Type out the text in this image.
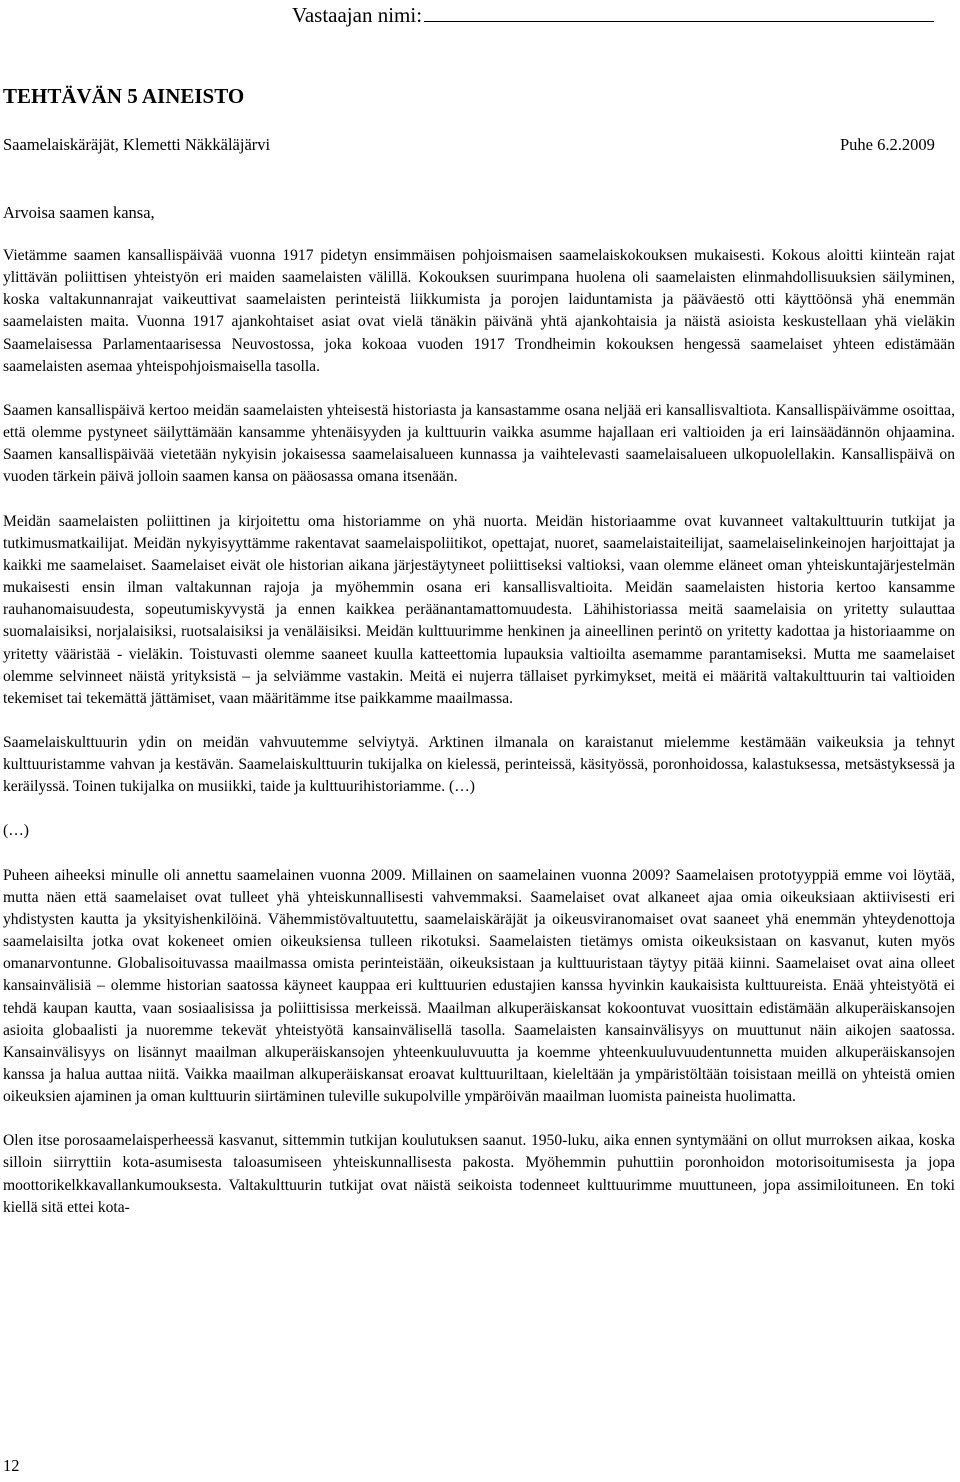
Vastaajan nimi:
TEHTÄVÄN 5 AINEISTO
Saamelaiskäräjät, Klemetti Näkkäläjärvi	Puhe 6.2.2009
Arvoisa saamen kansa,

Vietämme saamen kansallispäivää vuonna 1917 pidetyn ensimmäisen pohjoismaisen saamelaiskokouksen mukaisesti. Kokous aloitti kiinteän rajat ylittävän poliittisen yhteistyön eri maiden saamelaisten välillä. Kokouksen suurimpana huolena oli saamelaisten elinmahdollisuuksien säilyminen, koska valtakunnanrajat vaikeuttivat saamelaisten perinteistä liikkumista ja porojen laiduntamista ja pääväestö otti käyttöönsä yhä enemmän saamelaisten maita. Vuonna 1917 ajankohtaiset asiat ovat vielä tänäkin päivänä yhtä ajankohtaisia ja näistä asioista keskustellaan yhä vieläkin Saamelaisessa Parlamentaarisessa Neuvostossa, joka kokoaa vuoden 1917 Trondheimin kokouksen hengessä saamelaiset yhteen edistämään saamelaisten asemaa yhteispohjoismaisella tasolla.

Saamen kansallispäivä kertoo meidän saamelaisten yhteisestä historiasta ja kansastamme osana neljää eri kansallisvaltiota. Kansallispäivämme osoittaa, että olemme pystyneet säilyttämään kansamme yhtenäisyyden ja kulttuurin vaikka asumme hajallaan eri valtioiden ja eri lainsäädännön ohjaamina. Saamen kansallispäivää vietetään nykyisin jokaisessa saamelaisalueen kunnassa ja vaihtelevasti saamelaisalueen ulkopuolellakin. Kansallispäivä on vuoden tärkein päivä jolloin saamen kansa on pääosassa omana itsenään.

Meidän saamelaisten poliittinen ja kirjoitettu oma historiamme on yhä nuorta. Meidän historiaamme ovat kuvanneet valtakulttuurin tutkijat ja tutkimusmatkailijat. Meidän nykyisyyttämme rakentavat saamelaispoliitikot, opettajat, nuoret, saamelaistaiteilijat, saamelaiselinkeinojen harjoittajat ja kaikki me saamelaiset. Saamelaiset eivät ole historian aikana järjestäytyneet poliittiseksi valtioksi, vaan olemme eläneet oman yhteiskuntajärjestelmän mukaisesti ensin ilman valtakunnan rajoja ja myöhemmin osana eri kansallisvaltioita. Meidän saamelaisten historia kertoo kansamme rauhanomaisuudesta, sopeutumiskyvystä ja ennen kaikkea peräänantamattomuudesta. Lähihistoriassa meitä saamelaisia on yritetty sulauttaa suomalaisiksi, norjalaisiksi, ruotsalaisiksi ja venäläisiksi. Meidän kulttuurimme henkinen ja aineellinen perintö on yritetty kadottaa ja historiaamme on yritetty vääristää - vieläkin. Toistuvasti olemme saaneet kuulla katteettomia lupauksia valtioilta asemamme parantamiseksi. Mutta me saamelaiset olemme selvinneet näistä yrityksistä – ja selviämme vastakin. Meitä ei nujerra tällaiset pyrkimykset, meitä ei määritä valtakulttuurin tai valtioiden tekemiset tai tekemättä jättämiset, vaan määritämme itse paikkamme maailmassa.

Saamelaiskulttuurin ydin on meidän vahvuutemme selviytyä. Arktinen ilmanala on karaistanut mielemme kestämään vaikeuksia ja tehnyt kulttuuristamme vahvan ja kestävän. Saamelaiskulttuurin tukijalka on kielessä, perinteissä, käsityössä, poronhoidossa, kalastuksessa, metsästyksessä ja keräilyssä. Toinen tukijalka on musiikki, taide ja kulttuurihistoriamme. (…)

(…)

Puheen aiheeksi minulle oli annettu saamelainen vuonna 2009. Millainen on saamelainen vuonna 2009? Saamelaisen prototyyppiä emme voi löytää, mutta näen että saamelaiset ovat tulleet yhä yhteiskunnallisesti vahvemmaksi. Saamelaiset ovat alkaneet ajaa omia oikeuksiaan aktiivisesti eri yhdistysten kautta ja yksityishenkilöinä. Vähemmistövaltuutettu, saamelaiskäräjät ja oikeusviranomaiset ovat saaneet yhä enemmän yhteydenottoja saamelaisilta jotka ovat kokeneet omien oikeuksiensa tulleen rikotuksi. Saamelaisten tietämys omista oikeuksistaan on kasvanut, kuten myös omanarvontunne. Globalisoituvassa maailmassa omista perinteistään, oikeuksistaan ja kulttuuristaan täytyy pitää kiinni. Saamelaiset ovat aina olleet kansainvälisiä – olemme historian saatossa käyneet kauppaa eri kulttuurien edustajien kanssa hyvinkin kaukaisista kulttuureista. Enää yhteistyötä ei tehdä kaupan kautta, vaan sosiaalisissa ja poliittisissa merkeissä. Maailman alkuperäiskansat kokoontuvat vuosittain edistämään alkuperäiskansojen asioita globaalisti ja nuoremme tekevät yhteistyötä kansainvälisellä tasolla. Saamelaisten kansainvälisyys on muuttunut näin aikojen saatossa. Kansainvälisyys on lisännyt maailman alkuperäiskansojen yhteenkuuluvuutta ja koemme yhteenkuuluvuudentunnetta muiden alkuperäiskansojen kanssa ja halua auttaa niitä. Vaikka maailman alkuperäiskansat eroavat kulttuuriltaan, kieleltään ja ympäristöltään toisistaan meillä on yhteistä omien oikeuksien ajaminen ja oman kulttuurin siirtäminen tuleville sukupolville ympäröivän maailman luomista paineista huolimatta.

Olen itse porosaamelaisperheessä kasvanut, sittemmin tutkijan koulutuksen saanut. 1950-luku, aika ennen syntymääni on ollut murroksen aikaa, koska silloin siirryttiin kota-asumisesta taloasumiseen yhteiskunnallisesta pakosta. Myöhemmin puhuttiin poronhoidon motorisoitumisesta ja jopa moottorikelkkavallankumouksesta. Valtakulttuurin tutkijat ovat näistä seikoista todenneet kulttuurimme muuttuneen, jopa assimiloituneen. En toki kiellä sitä ettei kota-

12
